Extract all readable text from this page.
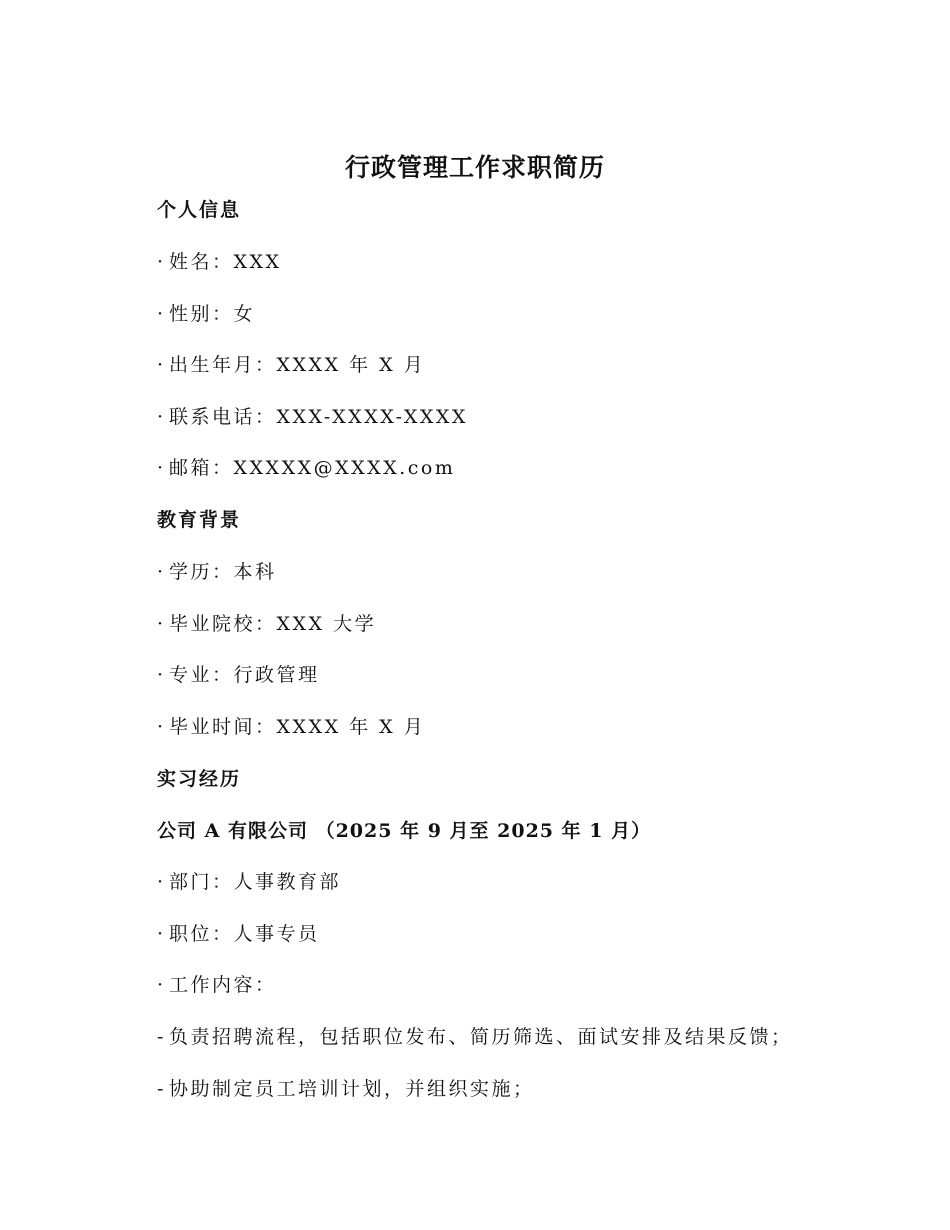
行政管理工作求职简历

个人信息

· 姓名：XXX

· 性别：女

· 出生年月：XXXX 年 X 月

· 联系电话：XXX-XXXX-XXXX

· 邮箱：XXXXX@XXXX.com

教育背景

· 学历：本科

· 毕业院校：XXX 大学

· 专业：行政管理

· 毕业时间：XXXX 年 X 月

实习经历

公司 A 有限公司 （2025 年 9 月至 2025 年 1 月）

· 部门：人事教育部

· 职位：人事专员

· 工作内容：

- 负责招聘流程，包括职位发布、简历筛选、面试安排及结果反馈；

- 协助制定员工培训计划，并组织实施；
